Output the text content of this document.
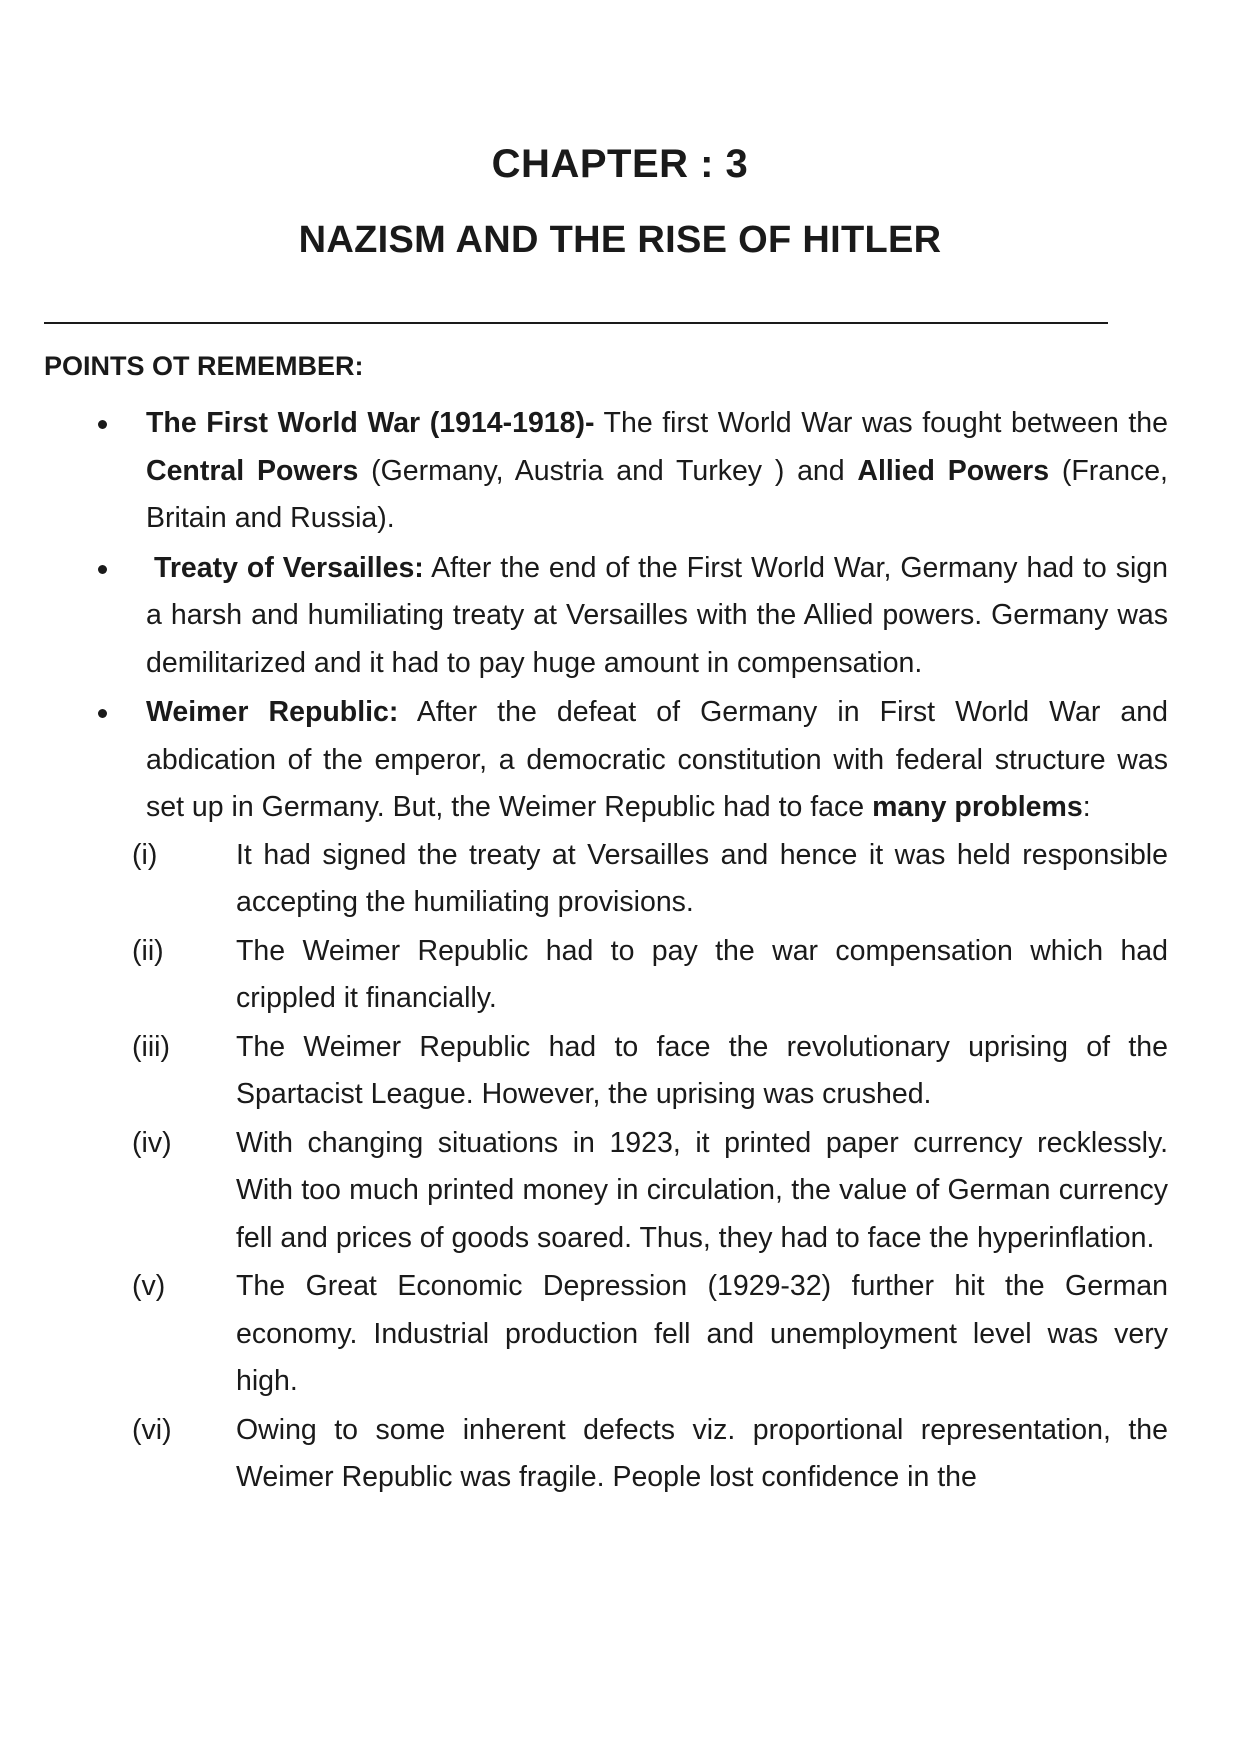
CHAPTER : 3
NAZISM AND THE RISE OF HITLER
POINTS OT REMEMBER:
The First World War (1914-1918)- The first World War was fought between the Central Powers (Germany, Austria and Turkey ) and Allied Powers (France, Britain and Russia).
Treaty of Versailles: After the end of the First World War, Germany had to sign a harsh and humiliating treaty at Versailles with the Allied powers. Germany was demilitarized and it had to pay huge amount in compensation.
Weimer Republic: After the defeat of Germany in First World War and abdication of the emperor, a democratic constitution with federal structure was set up in Germany. But, the Weimer Republic had to face many problems:
(i)	It had signed the treaty at Versailles and hence it was held responsible accepting the humiliating provisions.
(ii)	The Weimer Republic had to pay the war compensation which had crippled it financially.
(iii) The Weimer Republic had to face the revolutionary uprising of the Spartacist League. However, the uprising was crushed.
(iv) With changing situations in 1923, it printed paper currency recklessly. With too much printed money in circulation, the value of German currency fell and prices of goods soared. Thus, they had to face the hyperinflation.
(v) The Great Economic Depression (1929-32) further hit the German economy. Industrial production fell and unemployment level was very high.
(vi) Owing to some inherent defects viz. proportional representation, the Weimer Republic was fragile. People lost confidence in the
